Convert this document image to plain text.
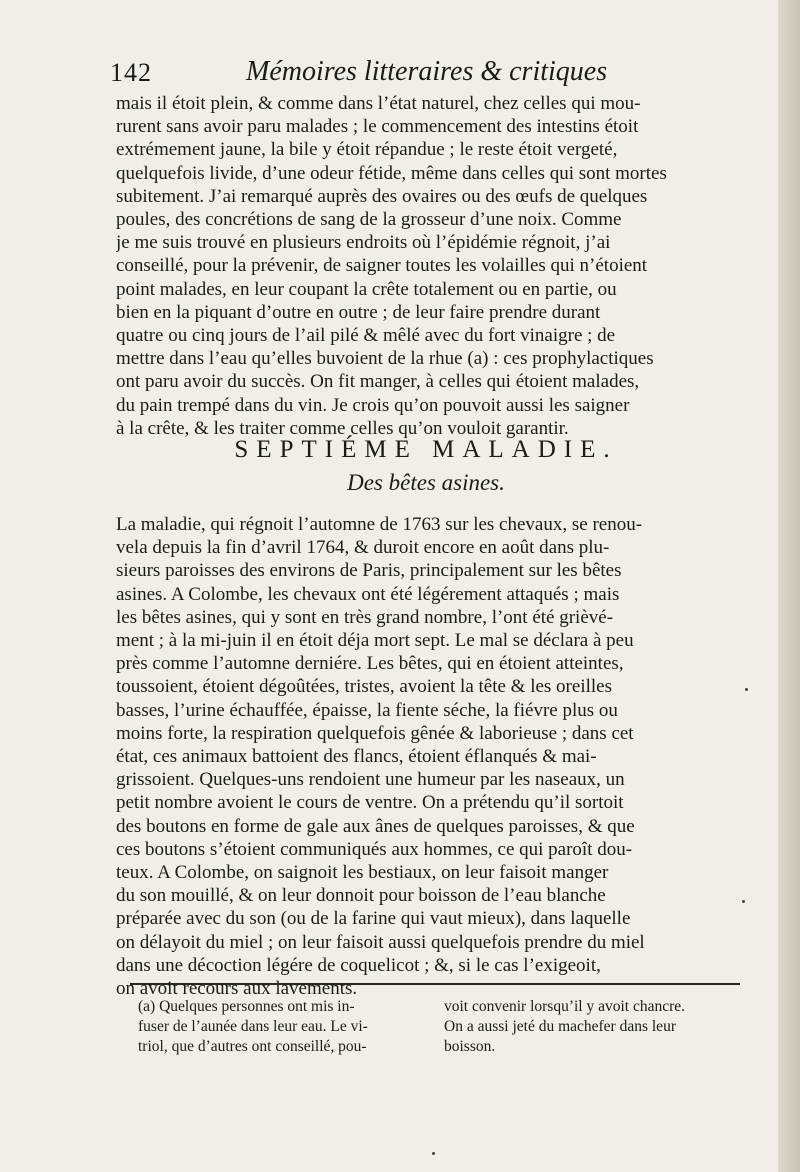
142	Mémoires litteraires & critiques
mais il étoit plein, & comme dans l’état naturel, chez celles qui mou-
rurent sans avoir paru malades ; le commencement des intestins étoit
extrémement jaune, la bile y étoit répandue ; le reste étoit vergeté,
quelquefois livide, d’une odeur fétide, même dans celles qui sont mortes
subitement. J’ai remarqué auprès des ovaires ou des œufs de quelques
poules, des concrétions de sang de la grosseur d’une noix. Comme
je me suis trouvé en plusieurs endroits où l’épidémie régnoit, j’ai
conseillé, pour la prévenir, de saigner toutes les volailles qui n’étoient
point malades, en leur coupant la crête totalement ou en partie, ou
bien en la piquant d’outre en outre ; de leur faire prendre durant
quatre ou cinq jours de l’ail pilé & mêlé avec du fort vinaigre ; de
mettre dans l’eau qu’elles buvoient de la rhue (a) : ces prophylactiques
ont paru avoir du succès. On fit manger, à celles qui étoient malades,
du pain trempé dans du vin. Je crois qu’on pouvoit aussi les saigner
à la crête, & les traiter comme celles qu’on vouloit garantir.
SEPTIÉME MALADIE.
Des bêtes asines.
La maladie, qui régnoit l’automne de 1763 sur les chevaux, se renou-
vela depuis la fin d’avril 1764, & duroit encore en août dans plu-
sieurs paroisses des environs de Paris, principalement sur les bêtes
asines. A Colombe, les chevaux ont été légérement attaqués ; mais
les bêtes asines, qui y sont en très grand nombre, l’ont été grièvé-
ment ; à la mi-juin il en étoit déja mort sept. Le mal se déclara à peu
près comme l’automne derniére. Les bêtes, qui en étoient atteintes,
toussoient, étoient dégoûtées, tristes, avoient la tête & les oreilles
basses, l’urine échauffée, épaisse, la fiente séche, la fiévre plus ou
moins forte, la respiration quelquefois gênée & laborieuse ; dans cet
état, ces animaux battoient des flancs, étoient éflanqués & mai-
grissoient. Quelques-uns rendoient une humeur par les naseaux, un
petit nombre avoient le cours de ventre. On a prétendu qu’il sortoit
des boutons en forme de gale aux ânes de quelques paroisses, & que
ces boutons s’étoient communiqués aux hommes, ce qui paroît dou-
teux. A Colombe, on saignoit les bestiaux, on leur faisoit manger
du son mouillé, & on leur donnoit pour boisson de l’eau blanche
préparée avec du son (ou de la farine qui vaut mieux), dans laquelle
on délayoit du miel ; on leur faisoit aussi quelquefois prendre du miel
dans une décoction légére de coquelicot ; &, si le cas l’exigeoit,
on avoit recours aux lavements.
(a) Quelques personnes ont mis in-
fuser de l’aunée dans leur eau. Le vi-
triol, que d’autres ont conseillé, pou-
voit convenir lorsqu’il y avoit chancre.
On a aussi jeté du machefer dans leur
boisson.
